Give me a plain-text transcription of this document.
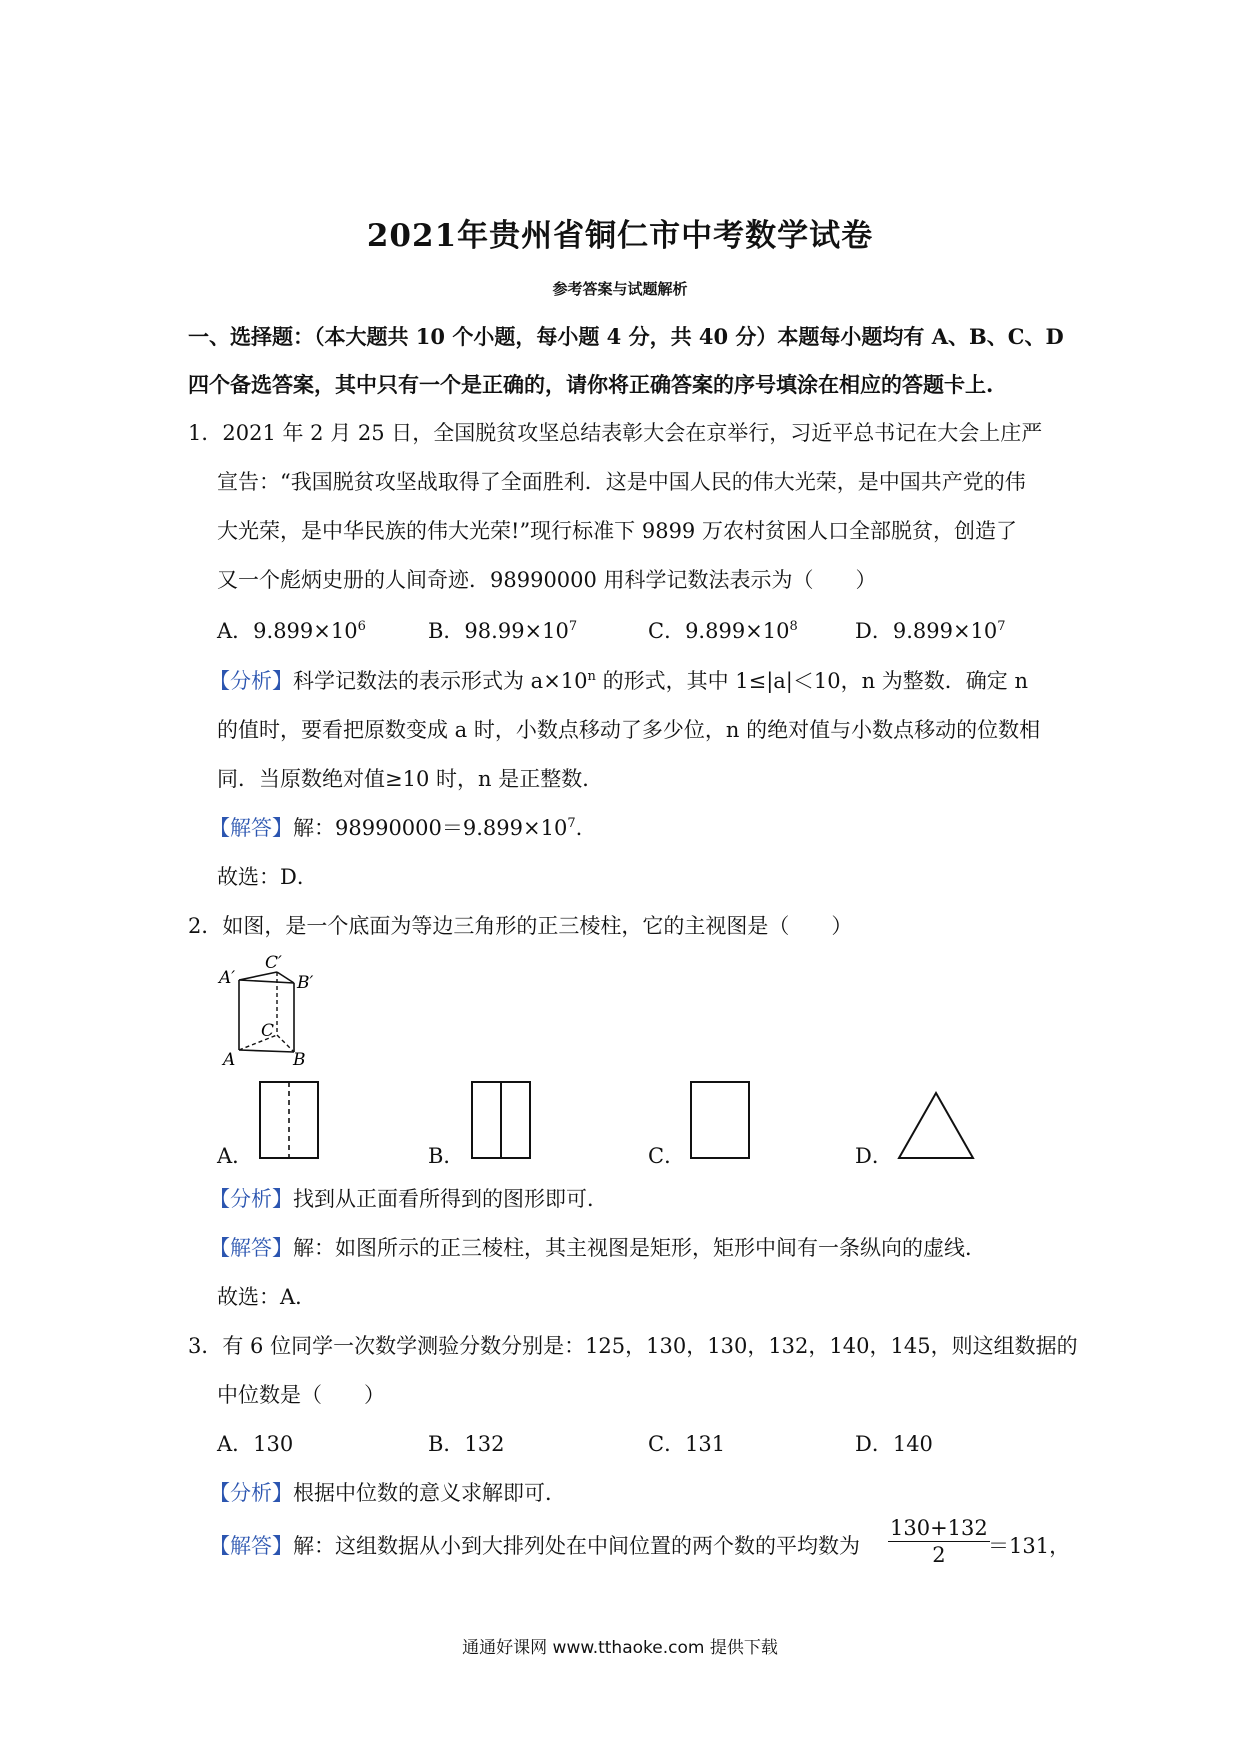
2021年贵州省铜仁市中考数学试卷
参考答案与试题解析
一、选择题：（本大题共 10 个小题，每小题 4 分，共 40 分）本题每小题均有 A、B、C、D
四个备选答案，其中只有一个是正确的，请你将正确答案的序号填涂在相应的答题卡上.
1．2021 年 2 月 25 日，全国脱贫攻坚总结表彰大会在京举行，习近平总书记在大会上庄严
宣告：“我国脱贫攻坚战取得了全面胜利．这是中国人民的伟大光荣，是中国共产党的伟
大光荣，是中华民族的伟大光荣!”现行标准下 9899 万农村贫困人口全部脱贫，创造了
又一个彪炳史册的人间奇迹．98990000 用科学记数法表示为（　　）
A．$9.899\times 10^6$	B．$98.99\times 10^7$	C．$9.899\times 10^8$	D．$9.899\times 10^7$
【分析】科学记数法的表示形式为 $a\times 10^n$ 的形式，其中 1≤|a|＜10，n 为整数．确定 n
的值时，要看把原数变成 a 时，小数点移动了多少位，n 的绝对值与小数点移动的位数相
同．当原数绝对值≥10 时，n 是正整数．
【解答】解：$98990000=9.899\times 10^7$.
故选：D．
2．如图，是一个底面为等边三角形的正三棱柱，它的主视图是（　　）
C′
A′	B′
C
A	B
A．	B．	C．	D．
【分析】找到从正面看所得到的图形即可．
【解答】解：如图所示的正三棱柱，其主视图是矩形，矩形中间有一条纵向的虚线．
故选：A．
3．有 6 位同学一次数学测验分数分别是：125，130，130，132，140，145，则这组数据的
中位数是（　　）
A．130	B．132	C．131	D．140
【分析】根据中位数的意义求解即可．
【解答】解：这组数据从小到大排列处在中间位置的两个数的平均数为 $\frac{130+132}{2}$
＝131，
通通好课网 www.tthaoke.com 提供下载
